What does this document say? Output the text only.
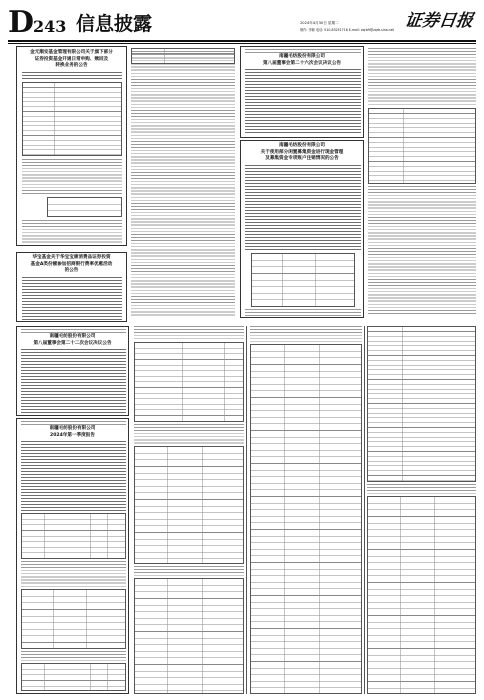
D243 信息披露	2024年4月30日 星期二
制作: 李颖 电话: 010-83251716 E-mail: zqrb9@zqrb.sina.net 证券日报
金元顺安基金管理有限公司关于旗下部分
证券投资基金开通日常申购、赎回及
转换业务的公告
华宝基金关于华宝宝康消费品证券投资
基金A类份额参加招商银行费率优惠活动
的公告
南疆毛纺股份有限公司
第八届董事会第二十六次会议决议公告
南疆毛纺股份有限公司
关于使用部分闲置募集资金进行现金管理
及募集资金专项账户注销情况的公告
南疆毛纺股份有限公司
第八届董事会第二十二次会议决议公告
南疆毛纺股份有限公司
2024年第一季度报告
